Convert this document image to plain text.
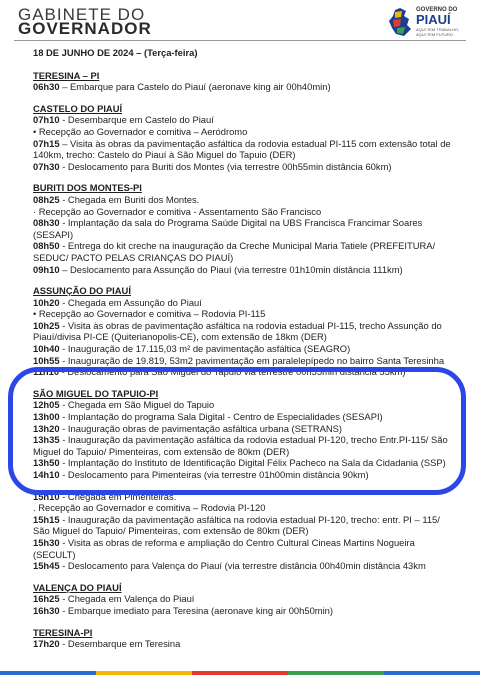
GABINETE DO
GOVERNADOR
GOVERNO DO
PIAUÍ
AQUI TEM TRABALHO, AQUI TEM FUTURO
18 DE JUNHO DE 2024 – (Terça-feira)
TERESINA – PI
06h30 – Embarque para Castelo do Piauí (aeronave king air 00h40min)
CASTELO DO PIAUÍ
07h10 - Desembarque em Castelo do Piauí
• Recepção ao Governador e comitiva – Aeródromo
07h15 – Visita às obras da pavimentação asfáltica da rodovia estadual PI-115 com extensão total de 140km, trecho: Castelo do Piauí à São Miguel do Tapuio (DER)
07h30 - Deslocamento para Buriti dos Montes (via terrestre 00h55min distância 60km)
BURITI DOS MONTES-PI
08h25 - Chegada em Buriti dos Montes.
· Recepção ao Governador e comitiva - Assentamento São Francisco
08h30 - Implantação da sala do Programa Saúde Digital na UBS Francisca Francimar Soares (SESAPI)
08h50 - Entrega do kit creche na inauguração da Creche Municipal Maria Tatiele (PREFEITURA/ SEDUC/ PACTO PELAS CRIANÇAS DO PIAUÍ)
09h10 – Deslocamento para Assunção do Piauí (via terrestre 01h10min distância 111km)
ASSUNÇÃO DO PIAUÍ
10h20 - Chegada em Assunção do Piauí
• Recepção ao Governador e comitiva – Rodovia PI-115
10h25 - Visita às obras de pavimentação asfáltica na rodovia estadual PI-115, trecho Assunção do Piauí/divisa PI-CE (Quiterianopolis-CE), com extensão de 18km (DER)
10h40 - Inauguração de 17.115,03 m² de pavimentação asfáltica (SEAGRO)
10h55 - Inauguração de 19.819, 53m2 pavimentação em paralelepípedo no bairro Santa Teresinha
11h10 - Deslocamento para São Miguel do Tapuio via terrestre 00h55min distância 55km)
SÃO MIGUEL DO TAPUIO-PI
12h05 - Chegada em São Miguel do Tapuio
13h00 - Implantação do programa Sala Digital - Centro de Especialidades (SESAPI)
13h20 - Inauguração obras de pavimentação asfáltica urbana (SETRANS)
13h35 - Inauguração da pavimentação asfáltica da rodovia estadual PI-120, trecho Entr.PI-115/ São Miguel do Tapuio/ Pimenteiras, com extensão de 80km (DER)
13h50 - Implantação do Instituto de Identificação Digital Félix Pacheco na Sala da Cidadania (SSP)
14h10 - Deslocamento para Pimenteiras (via terrestre 01h00min distância 90km)
15h10 - Chegada em Pimenteiras.
. Recepção ao Governador e comitiva – Rodovia PI-120
15h15 - Inauguração da pavimentação asfáltica na rodovia estadual PI-120, trecho: entr. PI – 115/ São Miguel do Tapuio/ Pimenteiras, com extensão de 80km (DER)
15h30 - Visita as obras de reforma e ampliação do Centro Cultural Cineas Martins Nogueira (SECULT)
15h45 - Deslocamento para Valença do Piauí (via terrestre distância 00h40min distância 43km
VALENÇA DO PIAUÍ
16h25 - Chegada em Valença do Piauí
16h30 - Embarque imediato para Teresina (aeronave king air 00h50min)
TERESINA-PI
17h20 - Desembarque em Teresina
